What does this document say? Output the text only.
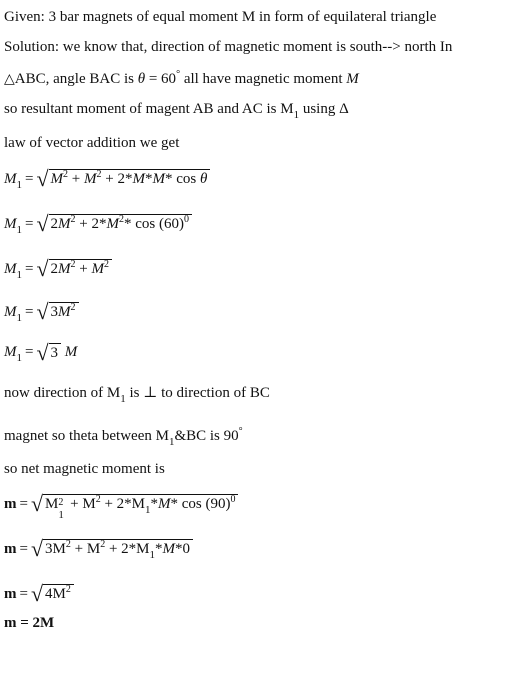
Given: 3 bar magnets of equal moment M in form of equilateral triangle
Solution: we know that, direction of magnetic moment is south--> north In
△ABC, angle BAC is θ = 60° all have magnetic moment M
so resultant moment of magent AB and AC is $M_1$ using Δ
law of vector addition we get
$M_1$ = √ $M^2 + M^2 + 2*M*M*$ cos θ
$M_1$ = √ $2M^2 + 2*M^2*$ $\cos (60)^0$
$M_1$ = √ $2M^2 + M^2$
$M_1$ = √ $3M^2$
$M_1$ = √ 3 M
now direction of $M_1$ is ⊥ to direction of BC
magnet so theta between $M_1\&BC$ is 90°
so net magnetic moment is
m = √ M 2
1
+ $M^2 + 2*M_1*M*$ $\cos (90)^0$
m = √ $3M^2 + M^2 + 2*M_1*M*0$
m = √ $4M^2$
m = 2M
